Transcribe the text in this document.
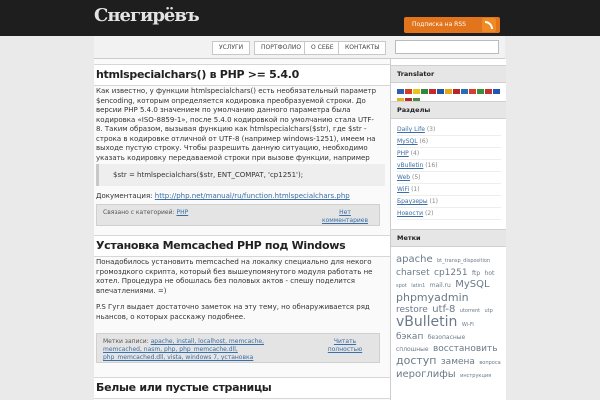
Снегирёвъ	Подписка на RSS
УСЛУГИ	ПОРТФОЛИО	О СЕБЕ	КОНТАКТЫ
htmlspecialchars() в PHP >= 5.4.0
Как известно, у функции htmlspecialchars() есть необязательный параметр $encoding, которым определяется кодировка преобразуемой строки. До версии PHP 5.4.0 значением по умолчанию данного параметра была кодировка «ISO-8859-1», после 5.4.0 кодировкой по умолчанию стала UTF-8. Таким образом, вызывая функцию как htmlspecialchars($str), где $str - строка в кодировке отличной от UTF-8 (например windows-1251), имеем на выходе пустую строку. Чтобы разрешить данную ситуацию, необходимо указать кодировку передаваемой строки при вызове функции, например
$str = htmlspecialchars($str, ENT_COMPAT, 'cp1251');
Документация: http://php.net/manual/ru/function.htmlspecialchars.php
Связано с категорией: PHP	Нет комментариев
Установка Memcached PHP под Windows
Понадобилось установить memcached на локалку специально для некого громоздкого скрипта, который без вышеупомянутого модуля работать не хотел. Процедура не обошлась без половых актов - спешу поделится впечатлениями. =)
P.S Гугл выдает достаточно заметок на эту тему, но обнаруживается ряд ньансов, о которых расскажу подобнее.
Метки записи: apache, install, localhost, memcache, memcached, nasm, php, php_memcache.dll, php_memcached.dll, vista, windows 7, установка
Читать полностью
Белые или пустые страницы
Translator
Разделы
Daily Life (3)
MySQL (6)
PHP (4)
vBulletin (16)
Web (5)
WiFi (1)
Браузеры (1)
Новости (2)
Метки
apache bt_transp_disposition charset cp1251 ftp hot spot latin1 mail.ru MySQL phpmyadmin restore utf-8 utorrent utp vBulletin Wi-Fi бэкап безопасные сплошные восстановить доступ замена вопроса иероглифы инструкция
